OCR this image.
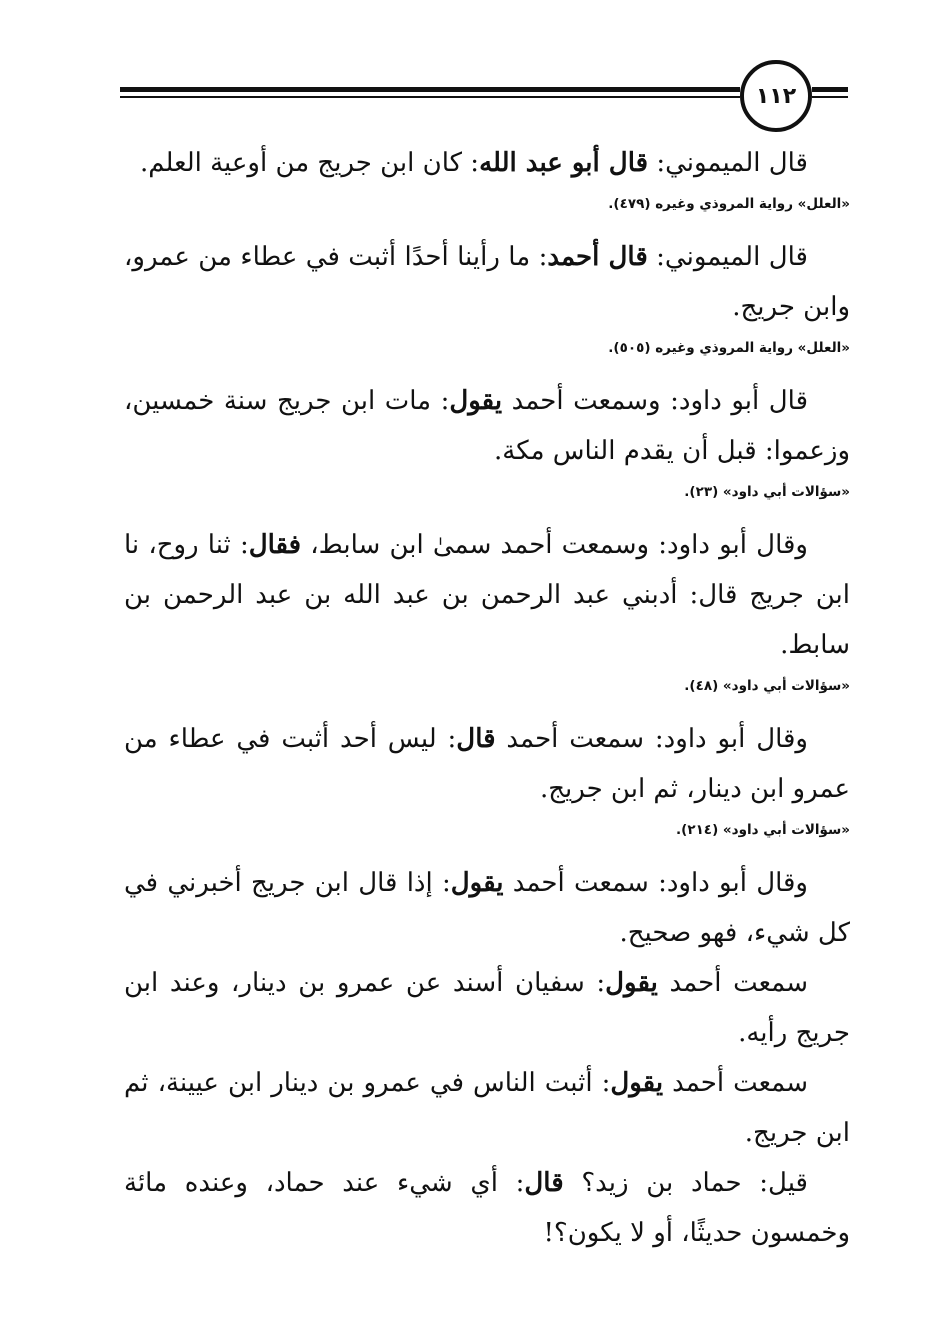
١١٢

قال الميموني: قال أبو عبد الله: كان ابن جريج من أوعية العلم.

«العلل» رواية المروذي وغيره (٤٧٩).

قال الميموني: قال أحمد: ما رأينا أحدًا أثبت في عطاء من عمرو، وابن جريج.

«العلل» رواية المروذي وغيره (٥٠٥).

قال أبو داود: وسمعت أحمد يقول: مات ابن جريج سنة خمسين، وزعموا: قبل أن يقدم الناس مكة.

«سؤالات أبي داود» (٢٣).

وقال أبو داود: وسمعت أحمد سمىٰ ابن سابط، فقال: ثنا روح، نا ابن جريج قال: أدبني عبد الرحمن بن عبد الله بن عبد الرحمن بن سابط.

«سؤالات أبي داود» (٤٨).

وقال أبو داود: سمعت أحمد قال: ليس أحد أثبت في عطاء من عمرو ابن دينار، ثم ابن جريج.

«سؤالات أبي داود» (٢١٤).

وقال أبو داود: سمعت أحمد يقول: إذا قال ابن جريج أخبرني في كل شيء، فهو صحيح.

سمعت أحمد يقول: سفيان أسند عن عمرو بن دينار، وعند ابن جريج رأيه.

سمعت أحمد يقول: أثبت الناس في عمرو بن دينار ابن عيينة، ثم ابن جريج.

قيل: حماد بن زيد؟ قال: أي شيء عند حماد، وعنده مائة وخمسون حديثًا، أو لا يكون؟!
